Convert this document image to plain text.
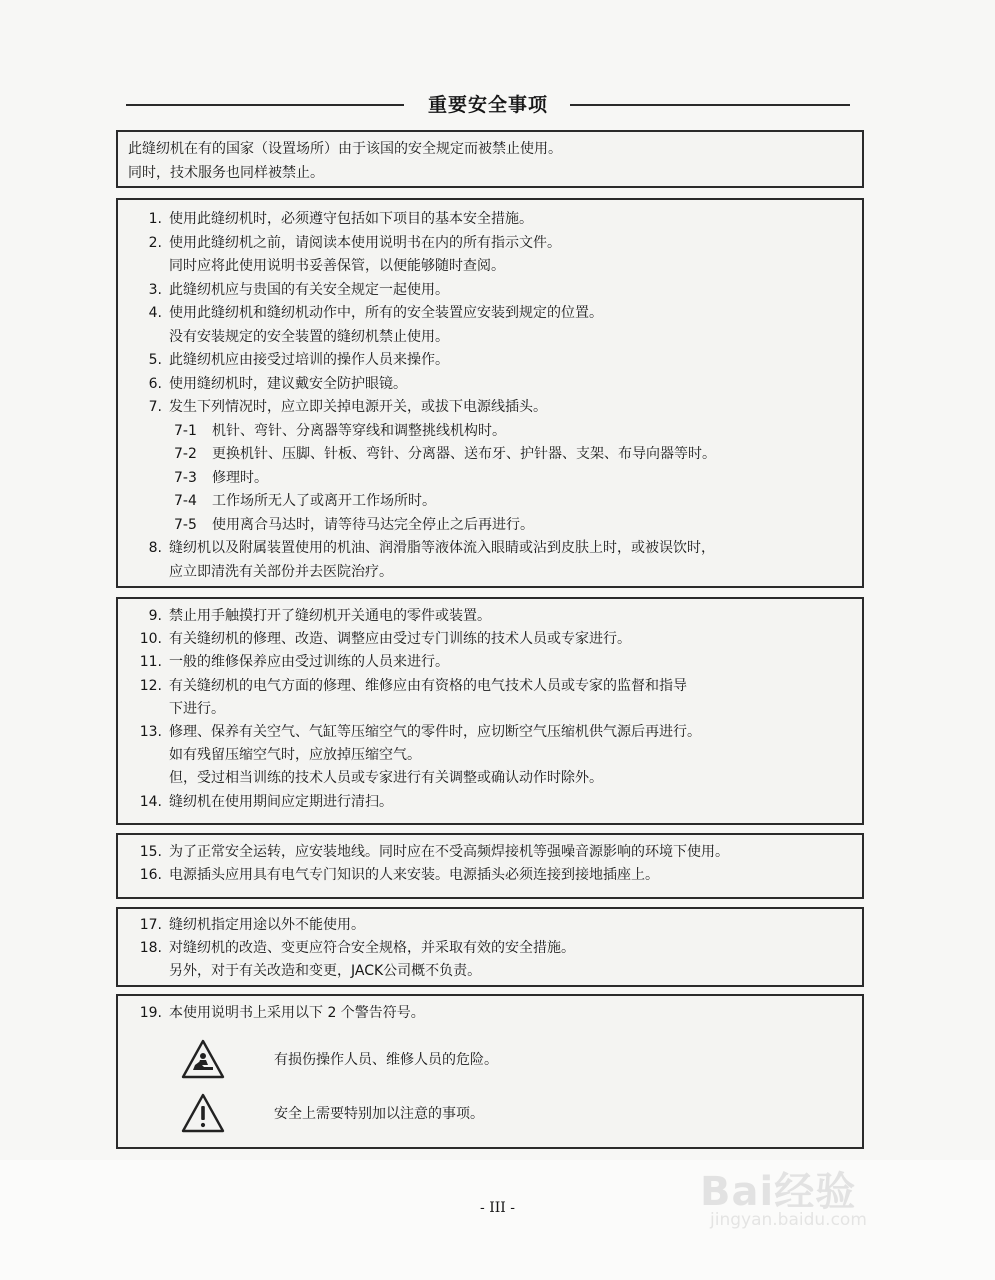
重要安全事项
此缝纫机在有的国家（设置场所）由于该国的安全规定而被禁止使用。
同时，技术服务也同样被禁止。
1. 使用此缝纫机时，必须遵守包括如下项目的基本安全措施。
2. 使用此缝纫机之前，请阅读本使用说明书在内的所有指示文件。
同时应将此使用说明书妥善保管，以便能够随时查阅。
3. 此缝纫机应与贵国的有关安全规定一起使用。
4. 使用此缝纫机和缝纫机动作中，所有的安全装置应安装到规定的位置。
没有安装规定的安全装置的缝纫机禁止使用。
5. 此缝纫机应由接受过培训的操作人员来操作。
6. 使用缝纫机时，建议戴安全防护眼镜。
7. 发生下列情况时，应立即关掉电源开关，或拔下电源线插头。
7-1	机针、弯针、分离器等穿线和调整挑线机构时。
7-2	更换机针、压脚、针板、弯针、分离器、送布牙、护针器、支架、布导向器等时。
7-3	修理时。
7-4	工作场所无人了或离开工作场所时。
7-5	使用离合马达时，请等待马达完全停止之后再进行。
8. 缝纫机以及附属装置使用的机油、润滑脂等液体流入眼睛或沾到皮肤上时，或被误饮时，
应立即清洗有关部份并去医院治疗。
9. 禁止用手触摸打开了缝纫机开关通电的零件或装置。
10. 有关缝纫机的修理、改造、调整应由受过专门训练的技术人员或专家进行。
11. 一般的维修保养应由受过训练的人员来进行。
12. 有关缝纫机的电气方面的修理、维修应由有资格的电气技术人员或专家的监督和指导
下进行。
13. 修理、保养有关空气、气缸等压缩空气的零件时，应切断空气压缩机供气源后再进行。
如有残留压缩空气时，应放掉压缩空气。
但，受过相当训练的技术人员或专家进行有关调整或确认动作时除外。
14. 缝纫机在使用期间应定期进行清扫。
15. 为了正常安全运转，应安装地线。同时应在不受高频焊接机等强噪音源影响的环境下使用。
16. 电源插头应用具有电气专门知识的人来安装。电源插头必须连接到接地插座上。
17. 缝纫机指定用途以外不能使用。
18. 对缝纫机的改造、变更应符合安全规格，并采取有效的安全措施。
另外，对于有关改造和变更，JACK公司概不负责。
19. 本使用说明书上采用以下 2 个警告符号。
有损伤操作人员、维修人员的危险。
安全上需要特别加以注意的事项。
- III -	Bai经验
jingyan.baidu.com
